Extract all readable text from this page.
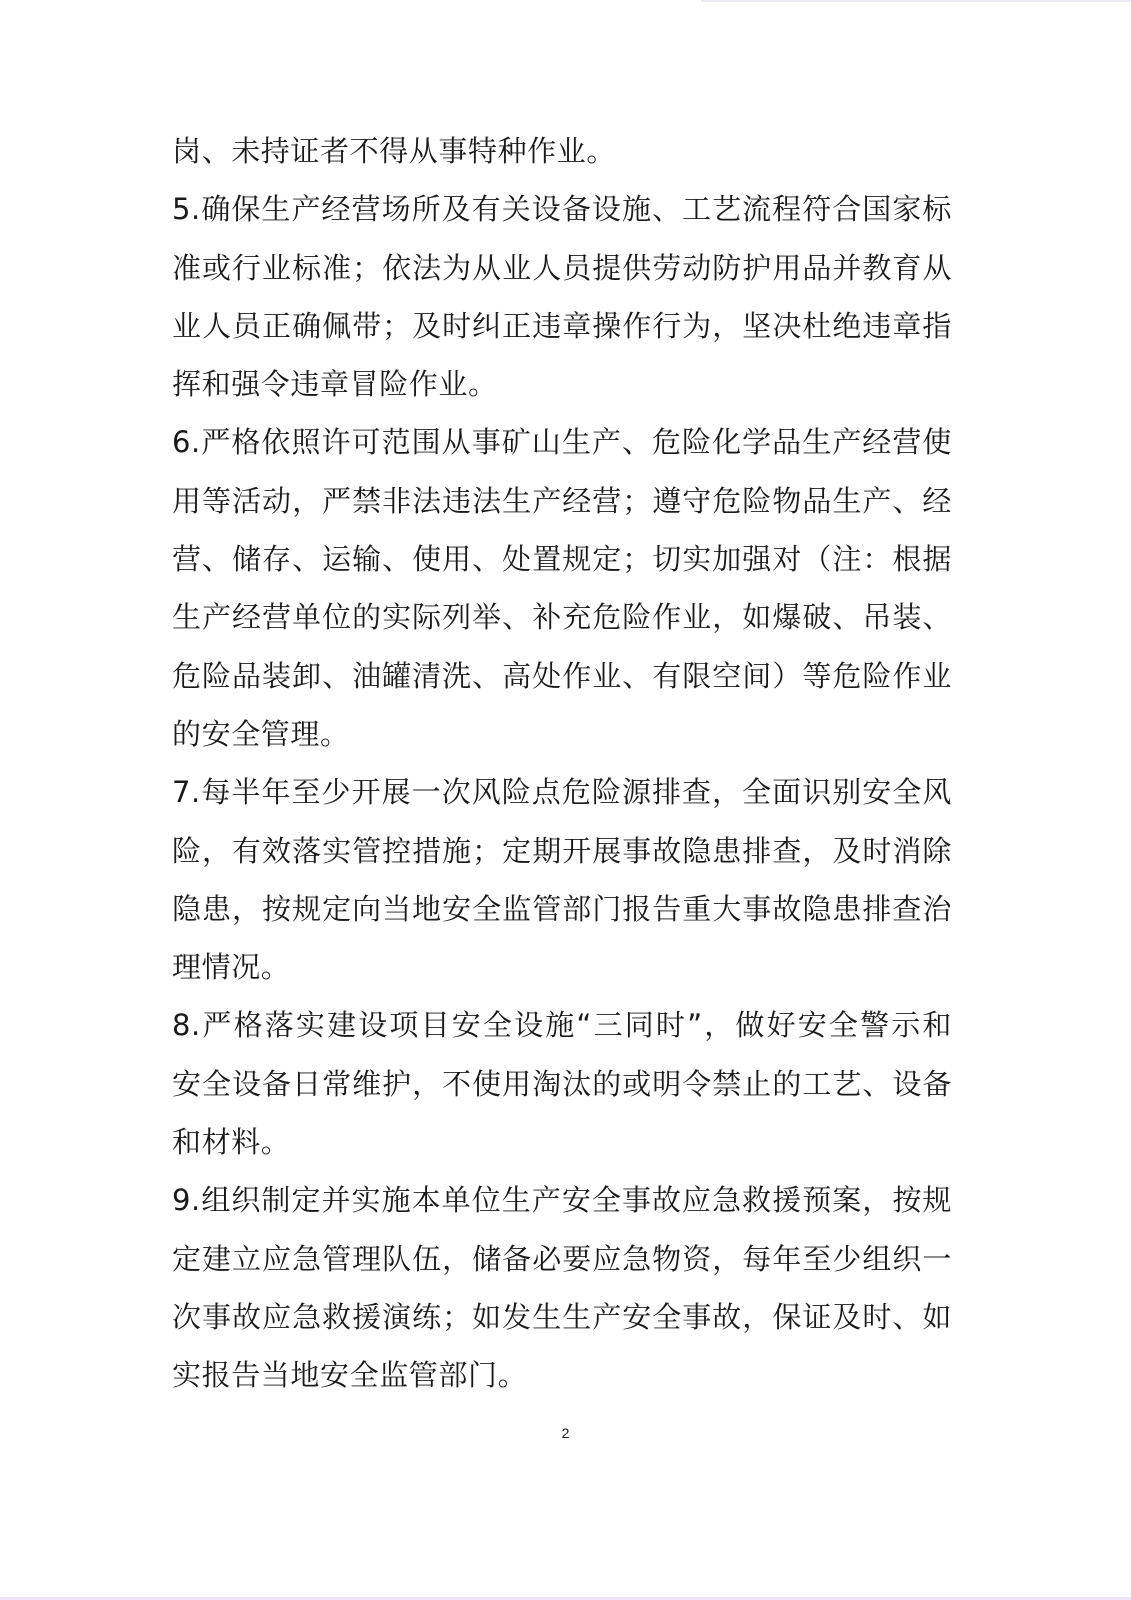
岗、未持证者不得从事特种作业。
5.确保生产经营场所及有关设备设施、工艺流程符合国家标
准或行业标准；依法为从业人员提供劳动防护用品并教育从
业人员正确佩带；及时纠正违章操作行为，坚决杜绝违章指
挥和强令违章冒险作业。
6.严格依照许可范围从事矿山生产、危险化学品生产经营使
用等活动，严禁非法违法生产经营；遵守危险物品生产、经
营、储存、运输、使用、处置规定；切实加强对（注：根据
生产经营单位的实际列举、补充危险作业，如爆破、吊装、
危险品装卸、油罐清洗、高处作业、有限空间）等危险作业
的安全管理。
7.每半年至少开展一次风险点危险源排查，全面识别安全风
险，有效落实管控措施；定期开展事故隐患排查，及时消除
隐患，按规定向当地安全监管部门报告重大事故隐患排查治
理情况。
8.严格落实建设项目安全设施“三同时”，做好安全警示和
安全设备日常维护，不使用淘汰的或明令禁止的工艺、设备
和材料。
9.组织制定并实施本单位生产安全事故应急救援预案，按规
定建立应急管理队伍，储备必要应急物资，每年至少组织一
次事故应急救援演练；如发生生产安全事故，保证及时、如
实报告当地安全监管部门。
2
